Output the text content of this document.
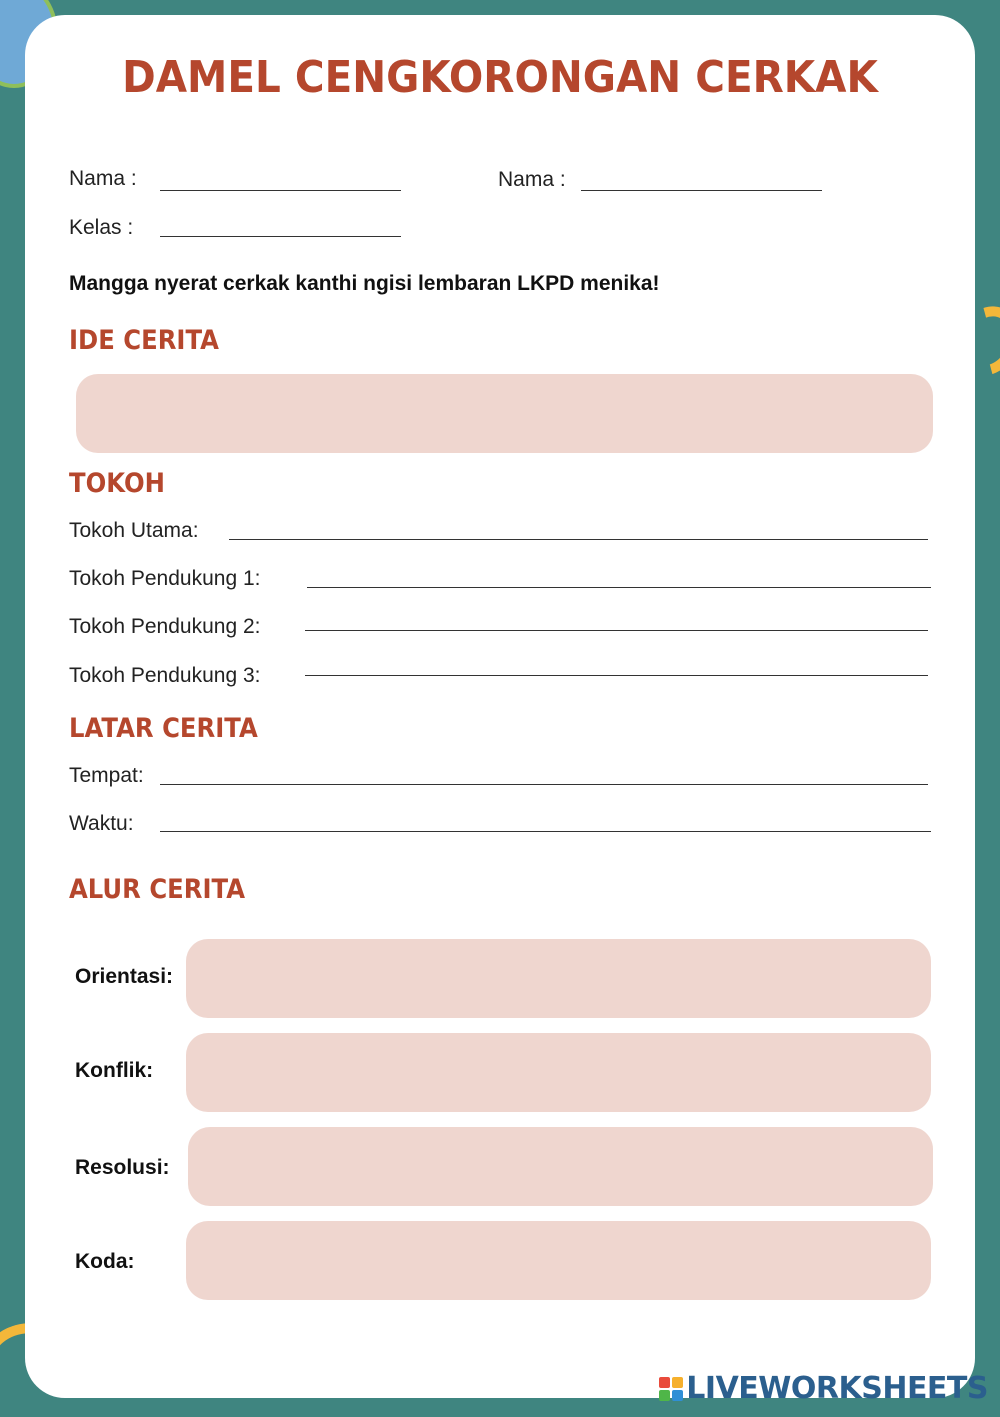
DAMEL CENGKORONGAN CERKAK
Nama :	Nama :
Kelas :
Mangga nyerat cerkak kanthi ngisi lembaran LKPD menika!
IDE CERITA
TOKOH
Tokoh Utama:
Tokoh Pendukung 1:
Tokoh Pendukung 2:
Tokoh Pendukung 3:
LATAR CERITA
Tempat:
Waktu:
ALUR CERITA
Orientasi:
Konflik:
Resolusi:
Koda:
LIVEWORKSHEETS
